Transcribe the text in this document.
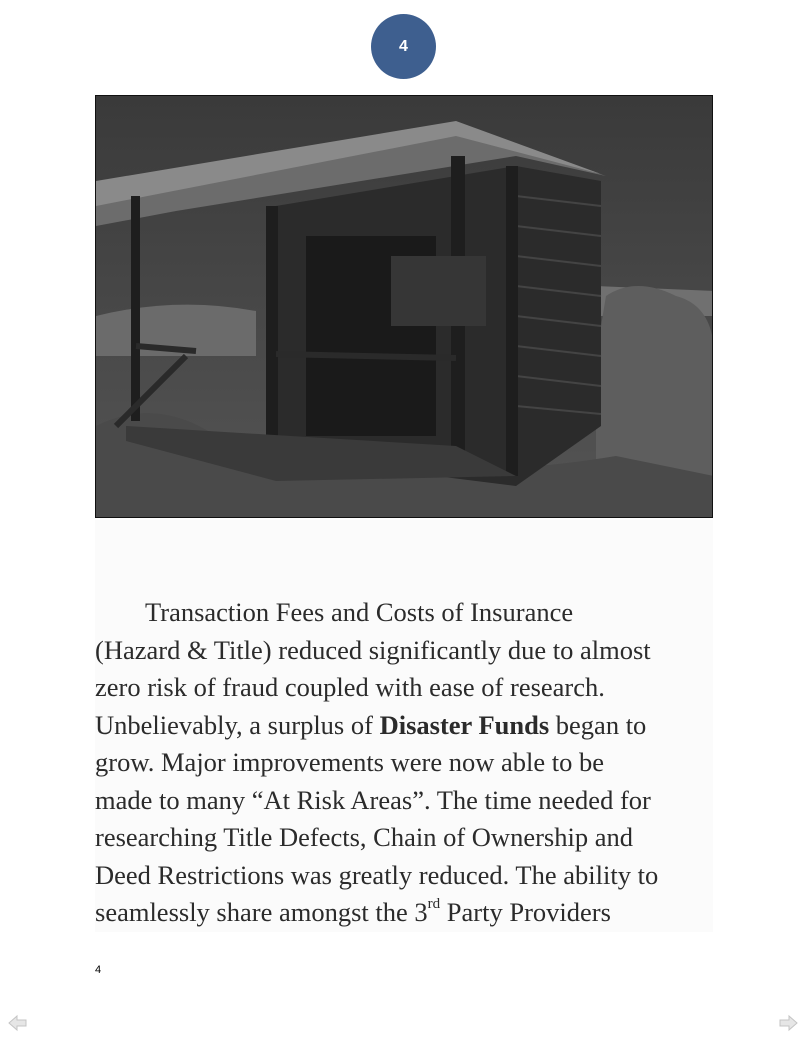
4

Transaction Fees and Costs of Insurance
(Hazard & Title) reduced significantly due to almost
zero risk of fraud coupled with ease of research.
Unbelievably, a surplus of Disaster Funds began to
grow. Major improvements were now able to be
made to many “At Risk Areas”. The time needed for
researching Title Defects, Chain of Ownership and
Deed Restrictions was greatly reduced. The ability to
seamlessly share amongst the 3rd Party Providers

4
